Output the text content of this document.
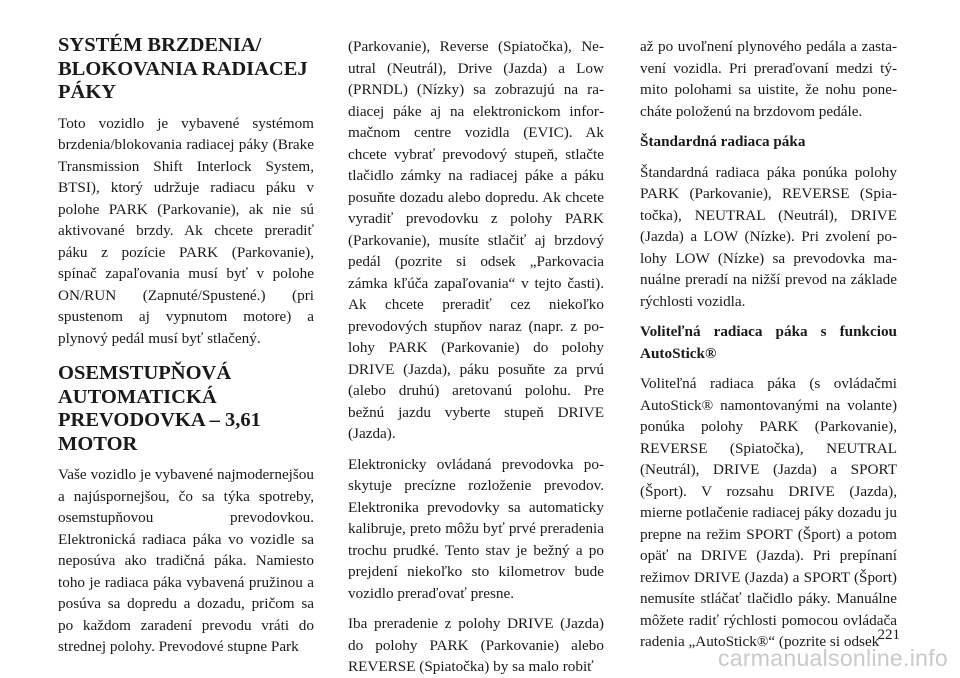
SYSTÉM BRZDENIA/ BLOKOVANIA RADIACEJ PÁKY

Toto vozidlo je vybavené systémom brzdenia/blokovania radiacej páky (Brake Transmission Shift Interlock System, BTSI), ktorý udržuje radiacu páku v polohe PARK (Parkovanie), ak nie sú aktivované brzdy. Ak chcete preradiť páku z pozície PARK (Parkovanie), spínač zapaľovania musí byť v polohe ON/RUN (Zapnuté/Spustené.) (pri spustenom aj vypnutom motore) a plynový pedál musí byť stlačený.

OSEMSTUPŇOVÁ AUTOMATICKÁ PREVODOVKA – 3,61 MOTOR

Vaše vozidlo je vybavené najmodernejšou a najúspornejšou, čo sa týka spotreby, osemstupňovou prevodovkou. Elektronická radiaca páka vo vozidle sa neposúva ako tradičná páka. Namiesto toho je radiaca páka vybavená pružinou a posúva sa dopredu a dozadu, pričom sa po každom zaradení prevodu vráti do strednej polohy. Prevodové stupne Park

(Parkovanie), Reverse (Spiatočka), Neutral (Neutrál), Drive (Jazda) a Low (PRNDL) (Nízky) sa zobrazujú na radiacej páke aj na elektronickom informačnom centre vozidla (EVIC). Ak chcete vybrať prevodový stupeň, stlačte tlačidlo zámky na radiacej páke a páku posuňte dozadu alebo dopredu. Ak chcete vyradiť prevodovku z polohy PARK (Parkovanie), musíte stlačiť aj brzdový pedál (pozrite si odsek „Parkovacia zámka kľúča zapaľovania“ v tejto časti). Ak chcete preradiť cez niekoľko prevodových stupňov naraz (napr. z polohy PARK (Parkovanie) do polohy DRIVE (Jazda), páku posuňte za prvú (alebo druhú) aretovanú polohu. Pre bežnú jazdu vyberte stupeň DRIVE (Jazda).

Elektronicky ovládaná prevodovka poskytuje precízne rozloženie prevodov. Elektronika prevodovky sa automaticky kalibruje, preto môžu byť prvé preradenia trochu prudké. Tento stav je bežný a po prejdení niekoľko sto kilometrov bude vozidlo preraďovať presne.

Iba preradenie z polohy DRIVE (Jazda) do polohy PARK (Parkovanie) alebo REVERSE (Spiatočka) by sa malo robiť

až po uvoľnení plynového pedála a zastavení vozidla. Pri preraďovaní medzi týmito polohami sa uistite, že nohu ponecháte položenú na brzdovom pedále.

Štandardná radiaca páka

Štandardná radiaca páka ponúka polohy PARK (Parkovanie), REVERSE (Spiatočka), NEUTRAL (Neutrál), DRIVE (Jazda) a LOW (Nízke). Pri zvolení polohy LOW (Nízke) sa prevodovka manuálne preradí na nižší prevod na základe rýchlosti vozidla.

Voliteľná radiaca páka s funkciou AutoStick®

Voliteľná radiaca páka (s ovládačmi AutoStick® namontovanými na volante) ponúka polohy PARK (Parkovanie), REVERSE (Spiatočka), NEUTRAL (Neutrál), DRIVE (Jazda) a SPORT (Šport). V rozsahu DRIVE (Jazda), mierne potlačenie radiacej páky dozadu ju prepne na režim SPORT (Šport) a potom opäť na DRIVE (Jazda). Pri prepínaní režimov DRIVE (Jazda) a SPORT (Šport) nemusíte stláčať tlačidlo páky. Manuálne môžete radiť rýchlosti pomocou ovládača radenia „AutoStick®“ (pozrite si odsek

221
carmanualsonline.info
